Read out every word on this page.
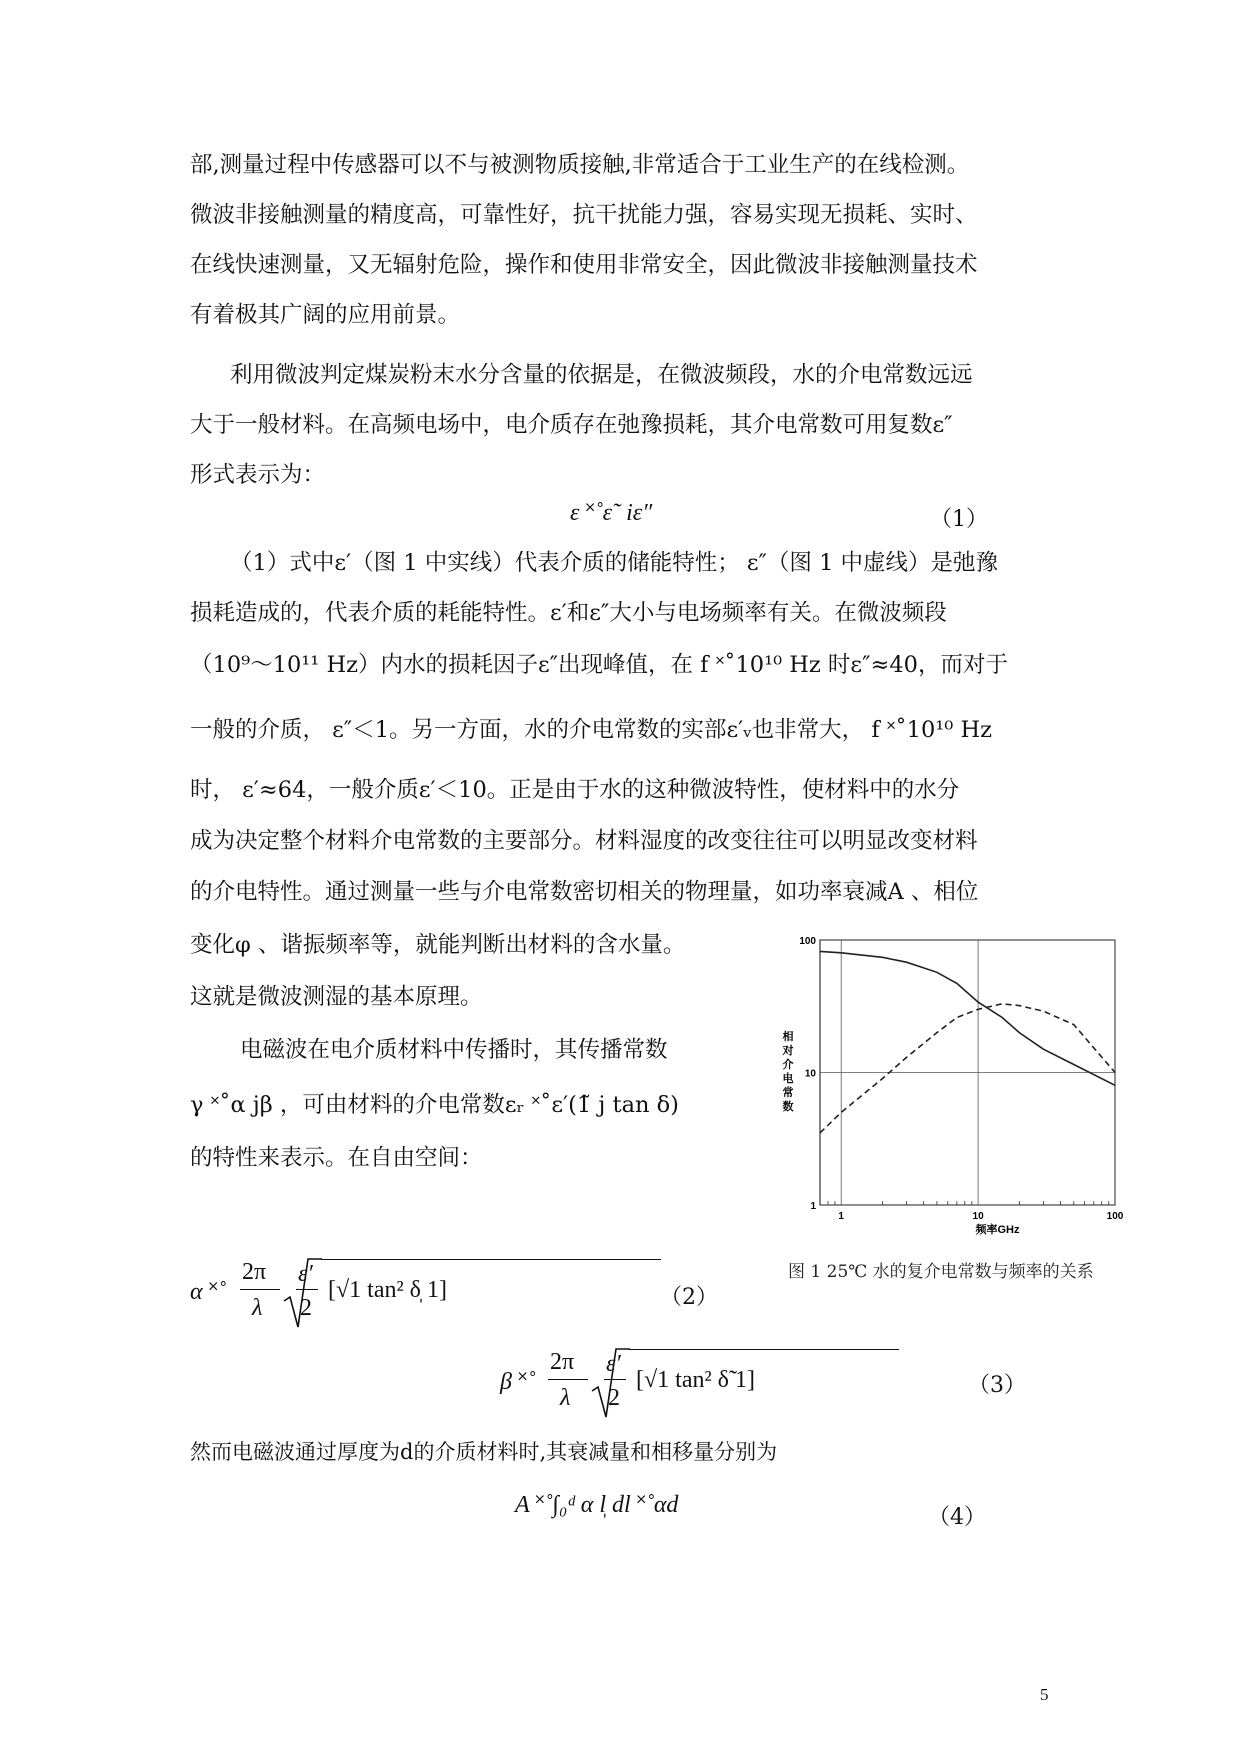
部,测量过程中传感器可以不与被测物质接触,非常适合于工业生产的在线检测。
微波非接触测量的精度高，可靠性好，抗干扰能力强，容易实现无损耗、实时、
在线快速测量，又无辐射危险，操作和使用非常安全，因此微波非接触测量技术
有着极其广阔的应用前景。
利用微波判定煤炭粉末水分含量的依据是，在微波频段，水的介电常数远远
大于一般材料。在高频电场中，电介质存在弛豫损耗，其介电常数可用复数ε″
形式表示为：
ε ˟˚ε˜ iε″	（1）
（1）式中ε′（图 1 中实线）代表介质的储能特性； ε″（图 1 中虚线）是弛豫
损耗造成的，代表介质的耗能特性。ε′和ε″大小与电场频率有关。在微波频段
（10⁹～10¹¹ Hz）内水的损耗因子ε″出现峰值，在 f ˟˚10¹⁰ Hz 时ε″≈40，而对于
一般的介质， ε″＜1。另一方面，水的介电常数的实部ε′ᵥ也非常大， f ˟˚10¹⁰ Hz
时， ε′≈64，一般介质ε′＜10。正是由于水的这种微波特性，使材料中的水分
成为决定整个材料介电常数的主要部分。材料湿度的改变往往可以明显改变材料
的介电特性。通过测量一些与介电常数密切相关的物理量，如功率衰减A 、相位
变化φ 、谐振频率等，就能判断出材料的含水量。
这就是微波测湿的基本原理。
电磁波在电介质材料中传播时，其传播常数
γ ˟˚α jβ ，可由材料的介电常数εᵣ ˟˚ε′(1̃ j tan δ)
的特性来表示。在自由空间：
1	10	100
1
10
100
频率GHz
相
对
介
电
常
数
图 1 25℃ 水的复介电常数与频率的关系
α ˟˚
2π
λ
ε′
2
[√1 tan² δ̩ 1]	（2）
β ˟˚
2π
λ
ε′
2
[√1 tan² δ̃ 1]	（3）
然而电磁波通过厚度为d的介质材料时,其衰减量和相移量分别为
A ˟˚∫₀ᵈ α l̩ dl ˟˚αd	（4）
5
